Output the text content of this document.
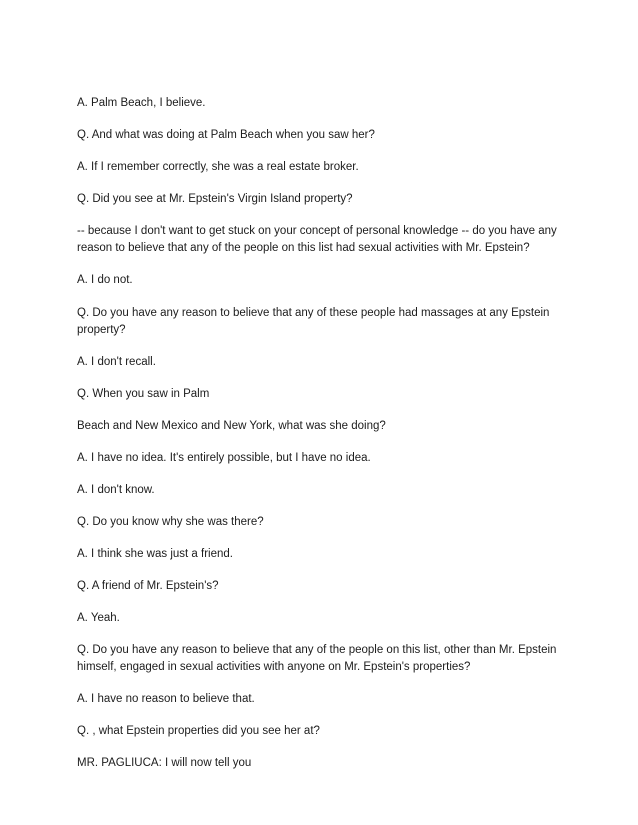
A. Palm Beach, I believe.

Q. And what was doing at Palm Beach when you saw her?

A. If I remember correctly, she was a real estate broker.

Q. Did you see at Mr. Epstein's Virgin Island property?

-- because I don't want to get stuck on your concept of personal knowledge -- do you have any

reason to believe that any of the people on this list had sexual activities with Mr. Epstein?

A. I do not.

Q. Do you have any reason to believe that any of these people had massages at any Epstein

property?

A. I don't recall.

Q. When you saw in Palm

Beach and New Mexico and New York, what was she doing?

A. I have no idea. It's entirely possible, but I have no idea.

A. I don't know.

Q. Do you know why she was there?

A. I think she was just a friend.

Q. A friend of Mr. Epstein's?

A. Yeah.

Q. Do you have any reason to believe that any of the people on this list, other than Mr. Epstein

himself, engaged in sexual activities with anyone on Mr. Epstein's properties?

A. I have no reason to believe that.

Q. , what Epstein properties did you see her at?

MR. PAGLIUCA: I will now tell you
